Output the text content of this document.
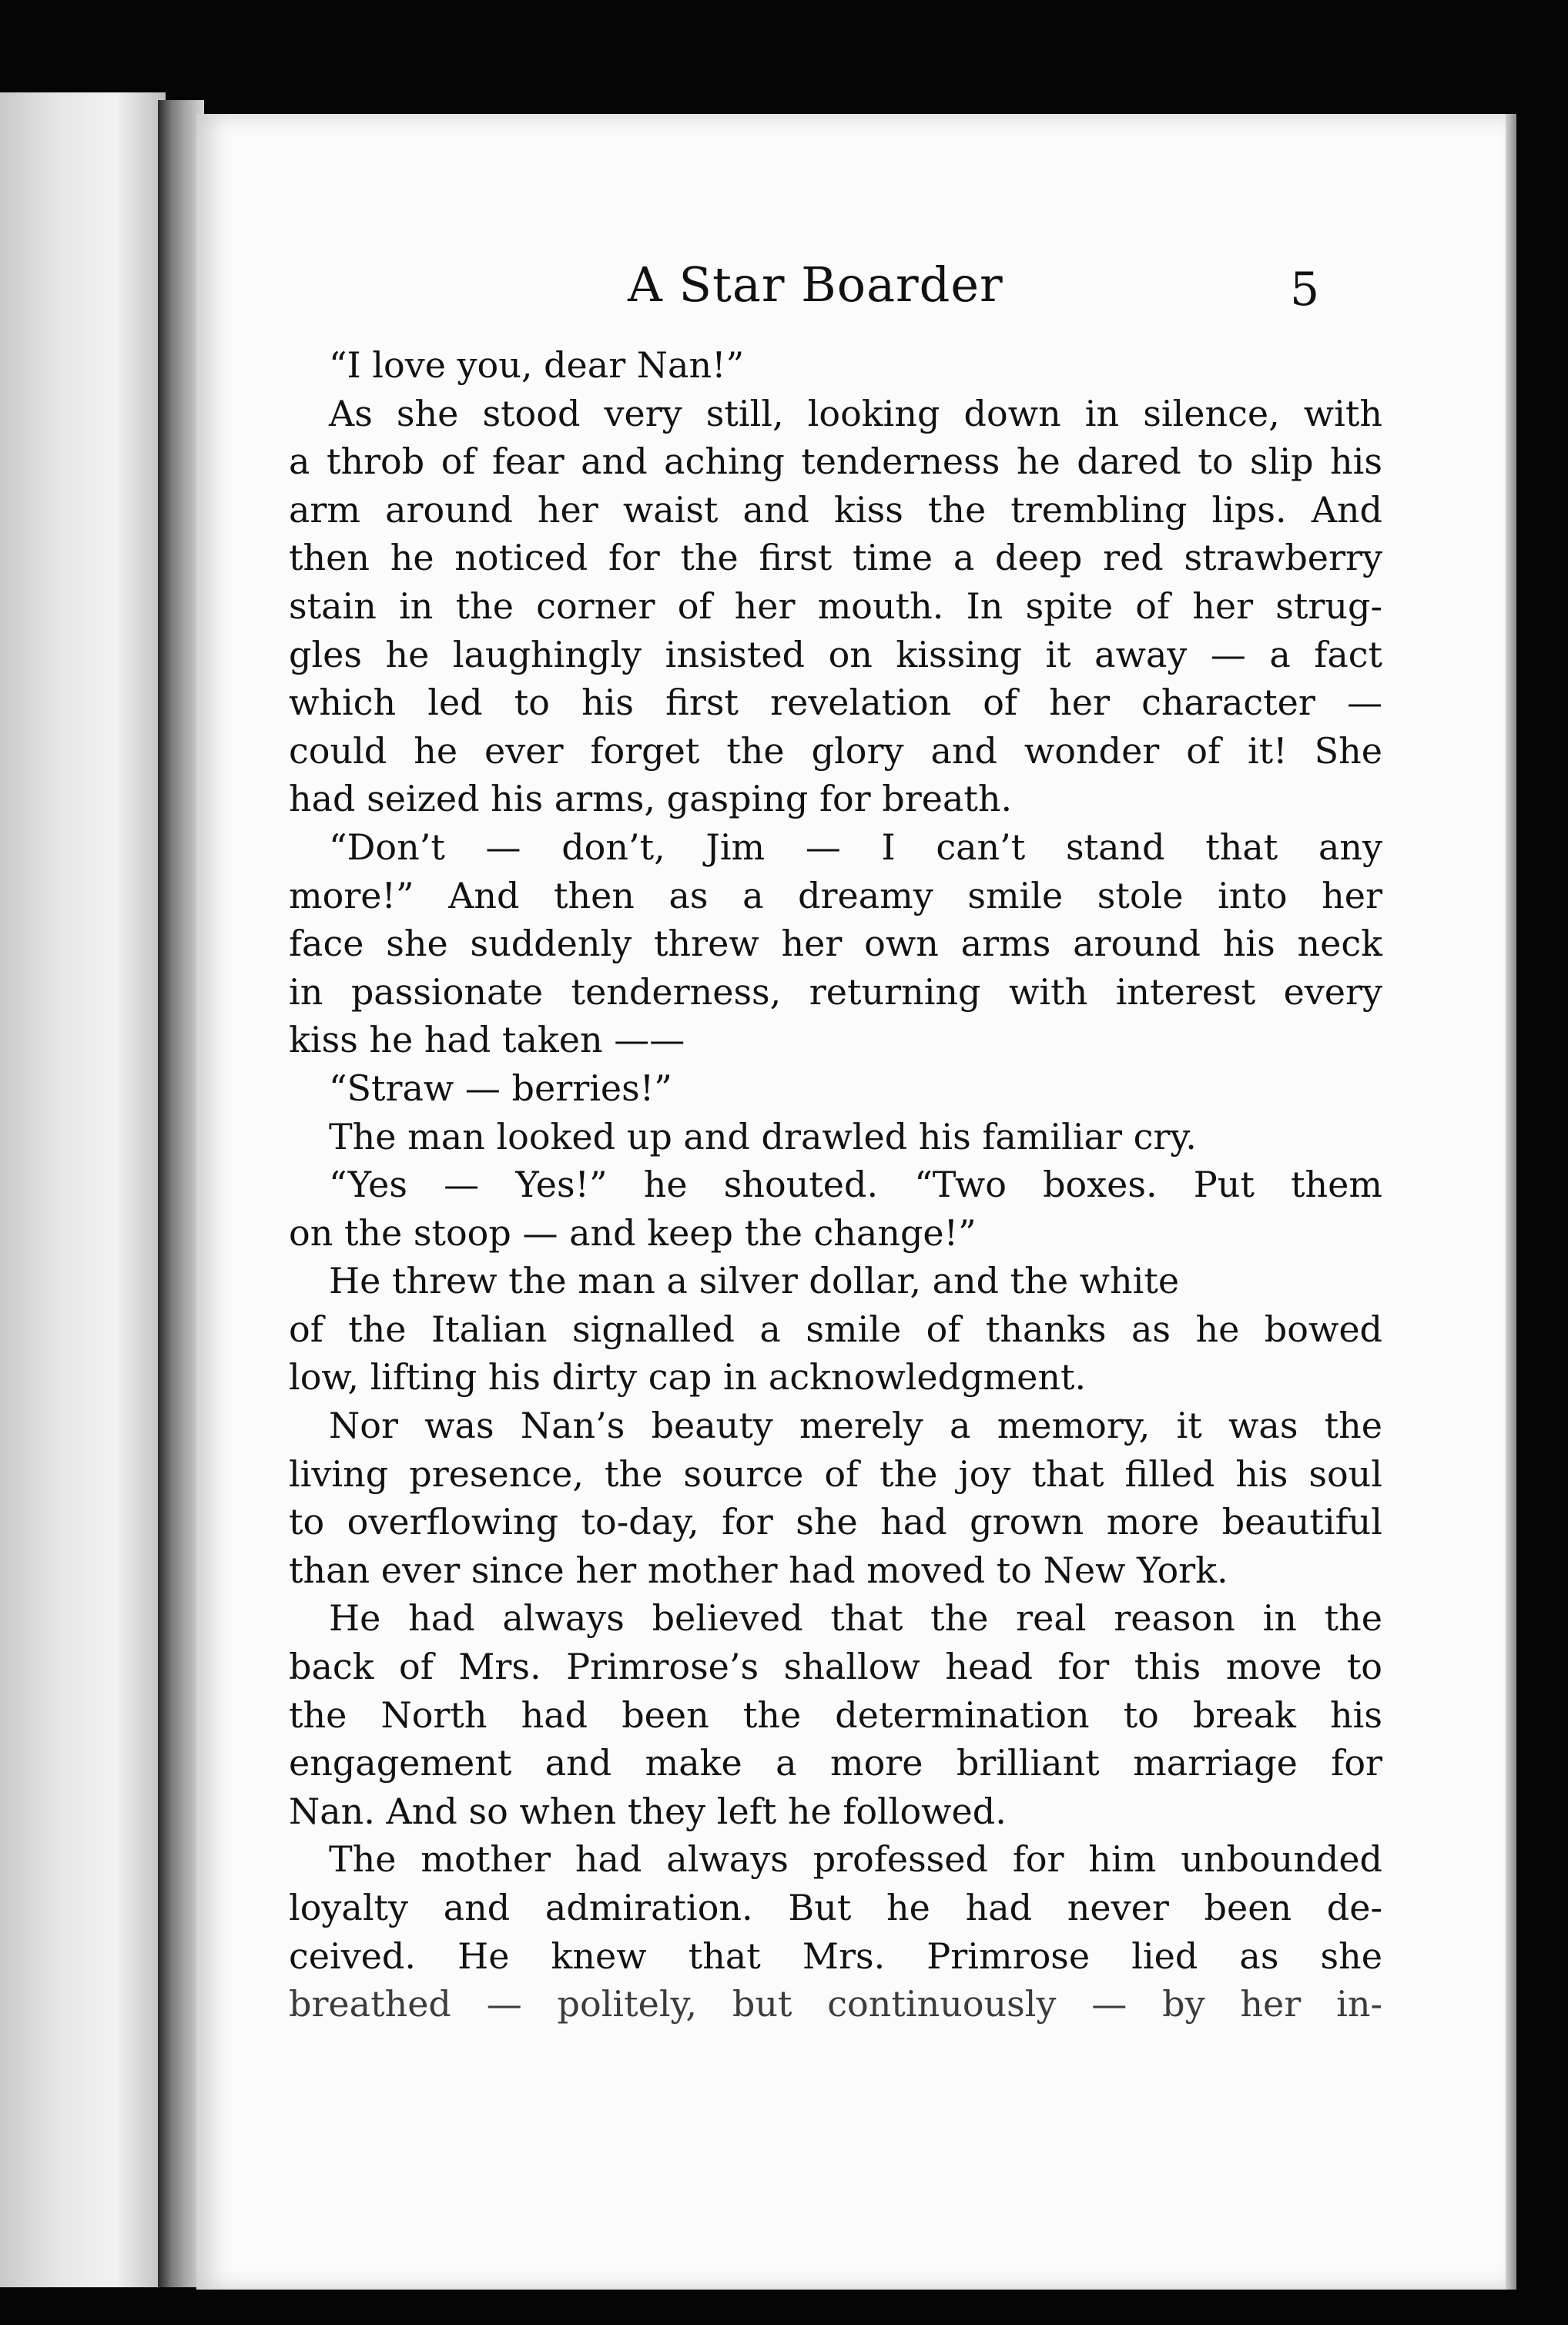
A Star Boarder	5
“I love you, dear Nan!”
As she stood very still, looking down in silence, with
a throb of fear and aching tenderness he dared to slip his
arm around her waist and kiss the trembling lips. And
then he noticed for the first time a deep red strawberry
stain in the corner of her mouth. In spite of her strug-
gles he laughingly insisted on kissing it away — a fact
which led to his first revelation of her character —
could he ever forget the glory and wonder of it! She
had seized his arms, gasping for breath.
“Don’t — don’t, Jim — I can’t stand that any
more!” And then as a dreamy smile stole into her
face she suddenly threw her own arms around his neck
in passionate tenderness, returning with interest every
kiss he had taken ——
“Straw — berries!”
The man looked up and drawled his familiar cry.
“Yes — Yes!” he shouted. “Two boxes. Put them
on the stoop — and keep the change!”
He threw the man a silver dollar, and the white
of the Italian signalled a smile of thanks as he bowed
low, lifting his dirty cap in acknowledgment.
Nor was Nan’s beauty merely a memory, it was the
living presence, the source of the joy that filled his soul
to overflowing to-day, for she had grown more beautiful
than ever since her mother had moved to New York.
He had always believed that the real reason in the
back of Mrs. Primrose’s shallow head for this move to
the North had been the determination to break his
engagement and make a more brilliant marriage for
Nan. And so when they left he followed.
The mother had always professed for him unbounded
loyalty and admiration. But he had never been de-
ceived. He knew that Mrs. Primrose lied as she
breathed — politely, but continuously — by her in-
